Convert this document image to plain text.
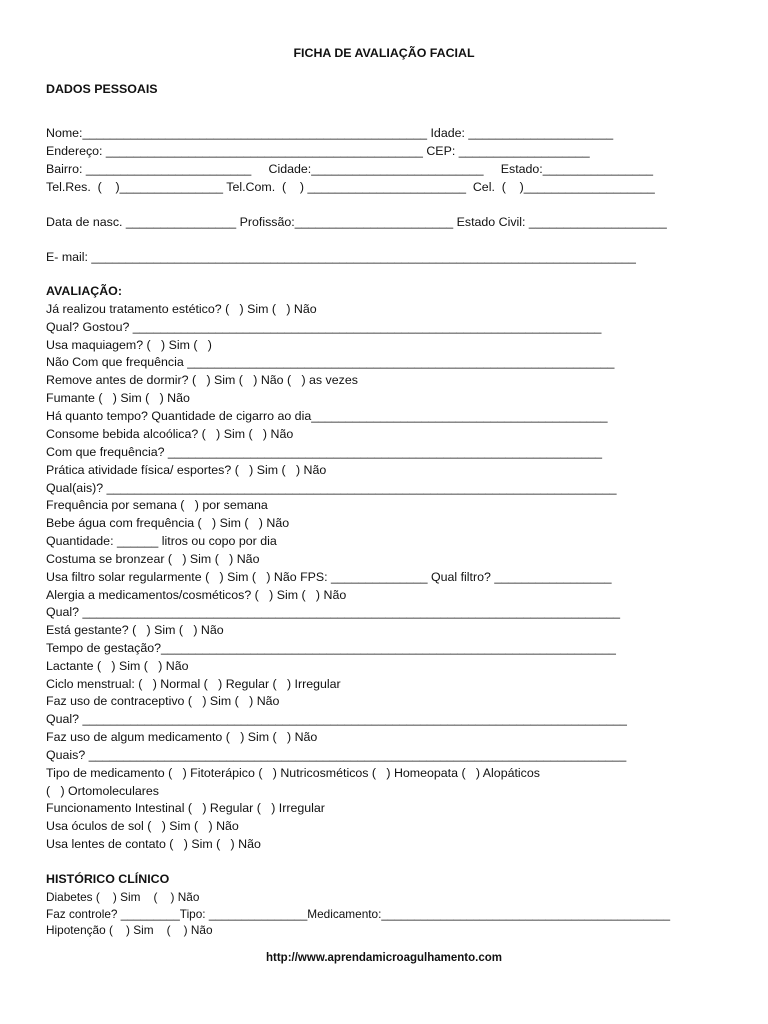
FICHA DE AVALIAÇÃO FACIAL

DADOS PESSOAIS

Nome:__________________________________________________ Idade: _____________________

Endereço: ______________________________________________ CEP: ___________________

Bairro: ________________________     Cidade:_________________________     Estado:________________

Tel.Res.  (    )_______________ Tel.Com.  (    ) _______________________  Cel.  (    )___________________

Data de nasc. ________________ Profissão:_______________________ Estado Civil: ____________________

E- mail: _______________________________________________________________________________

AVALIAÇÃO:

Já realizou tratamento estético? (   ) Sim (   ) Não

Qual? Gostou? ____________________________________________________________________

Usa maquiagem? (   ) Sim (   )

Não Com que frequência ______________________________________________________________

Remove antes de dormir? (   ) Sim (   ) Não (   ) as vezes

Fumante (   ) Sim (   ) Não

Há quanto tempo? Quantidade de cigarro ao dia___________________________________________

Consome bebida alcoólica? (   ) Sim (   ) Não

Com que frequência? _______________________________________________________________

Prática atividade física/ esportes? (   ) Sim (   ) Não

Qual(ais)? __________________________________________________________________________

Frequência por semana (   ) por semana

Bebe água com frequência (   ) Sim (   ) Não

Quantidade: ______ litros ou copo por dia

Costuma se bronzear (   ) Sim (   ) Não

Usa filtro solar regularmente (   ) Sim (   ) Não FPS: ______________ Qual filtro? _________________

Alergia a medicamentos/cosméticos? (   ) Sim (   ) Não

Qual? ______________________________________________________________________________

Está gestante? (   ) Sim (   ) Não

Tempo de gestação?__________________________________________________________________

Lactante (   ) Sim (   ) Não

Ciclo menstrual: (   ) Normal (   ) Regular (   ) Irregular

Faz uso de contraceptivo (   ) Sim (   ) Não

Qual? _______________________________________________________________________________

Faz uso de algum medicamento (   ) Sim (   ) Não

Quais? ______________________________________________________________________________

Tipo de medicamento (   ) Fitoterápico (   ) Nutricosméticos (   ) Homeopata (   ) Alopáticos

(   ) Ortomoleculares

Funcionamento Intestinal (   ) Regular (   ) Irregular

Usa óculos de sol (   ) Sim (   ) Não

Usa lentes de contato (   ) Sim (   ) Não

HISTÓRICO CLÍNICO

Diabetes (    ) Sim    (    ) Não

Faz controle? _________Tipo: _______________Medicamento:____________________________________________

Hipotenção (    ) Sim    (    ) Não

http://www.aprendamicroagulhamento.com
